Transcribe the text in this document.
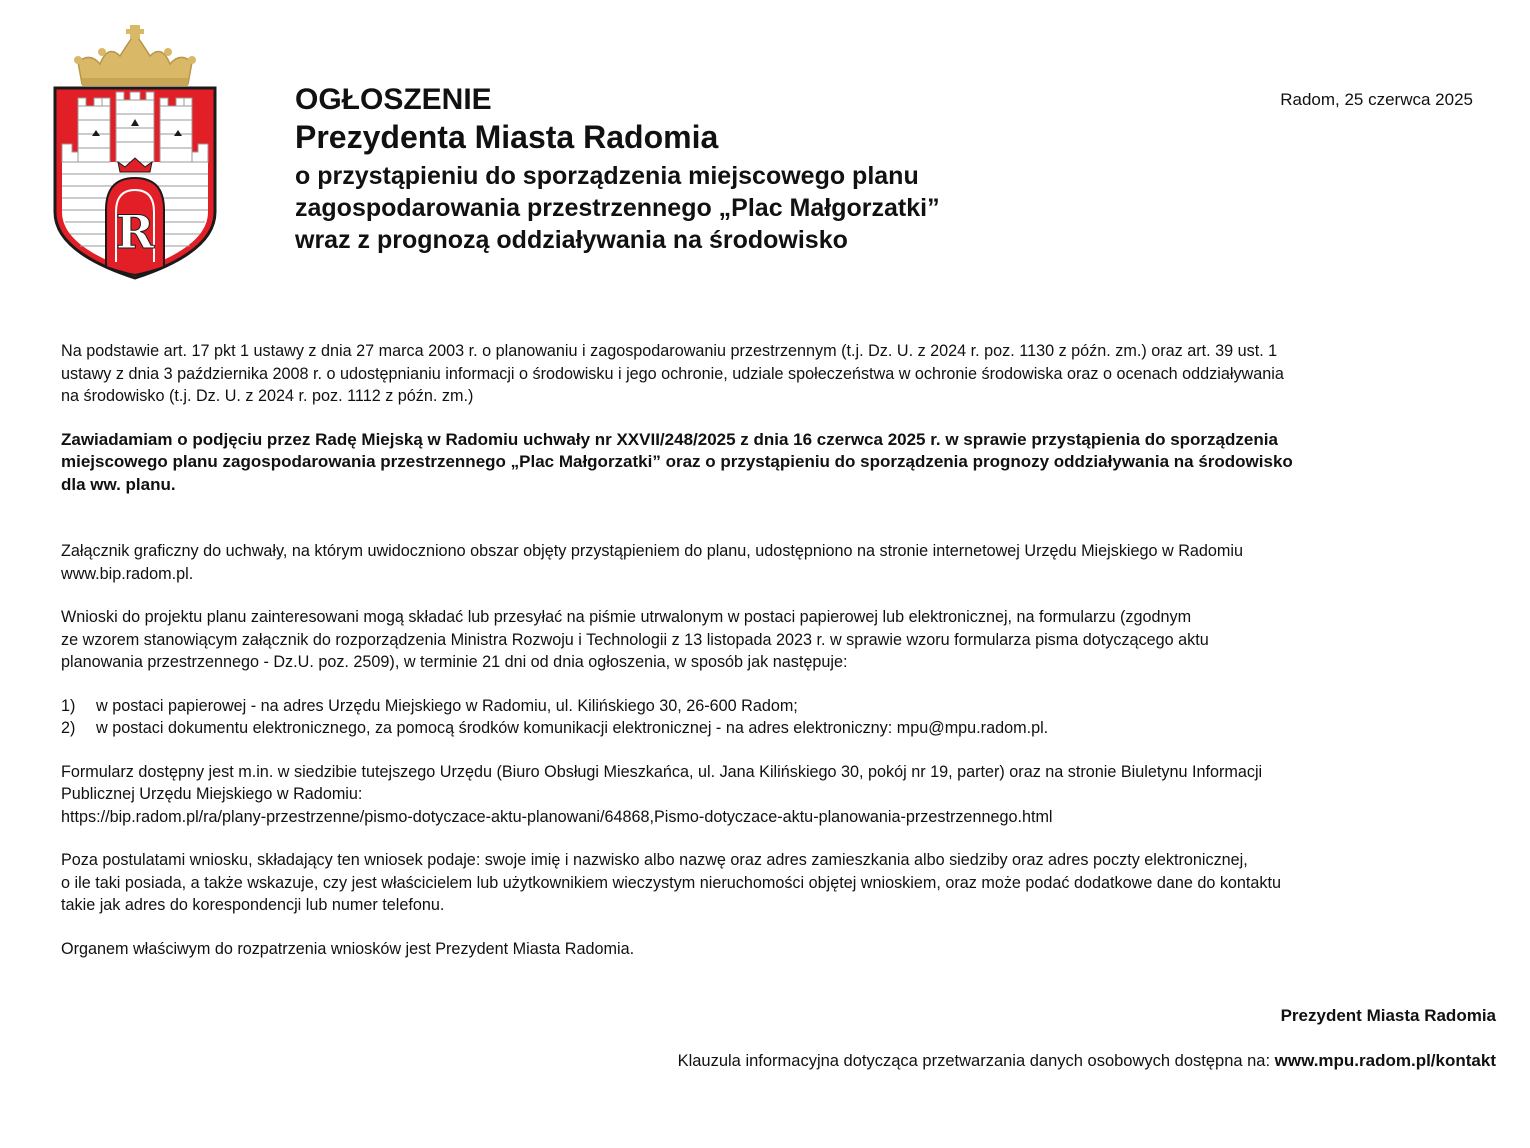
R
OGŁOSZENIE
Prezydenta Miasta Radomia
o przystąpieniu do sporządzenia miejscowego planu
zagospodarowania przestrzennego „Plac Małgorzatki”
wraz z prognozą oddziaływania na środowisko
Radom, 25 czerwca 2025

Na podstawie art. 17 pkt 1 ustawy z dnia 27 marca 2003 r. o planowaniu i zagospodarowaniu przestrzennym (t.j. Dz. U. z 2024 r. poz. 1130 z późn. zm.) oraz art. 39 ust. 1
ustawy z dnia 3 października 2008 r. o udostępnianiu informacji o środowisku i jego ochronie, udziale społeczeństwa w ochronie środowiska oraz o ocenach oddziaływania
na środowisko (t.j. Dz. U. z 2024 r. poz. 1112 z późn. zm.)

Zawiadamiam o podjęciu przez Radę Miejską w Radomiu uchwały nr XXVII/248/2025 z dnia 16 czerwca 2025 r. w sprawie przystąpienia do sporządzenia
miejscowego planu zagospodarowania przestrzennego „Plac Małgorzatki” oraz o przystąpieniu do sporządzenia prognozy oddziaływania na środowisko
dla ww. planu.

Załącznik graficzny do uchwały, na którym uwidoczniono obszar objęty przystąpieniem do planu, udostępniono na stronie internetowej Urzędu Miejskiego w Radomiu
www.bip.radom.pl.

Wnioski do projektu planu zainteresowani mogą składać lub przesyłać na piśmie utrwalonym w postaci papierowej lub elektronicznej, na formularzu (zgodnym
ze wzorem stanowiącym załącznik do rozporządzenia Ministra Rozwoju i Technologii z 13 listopada 2023 r. w sprawie wzoru formularza pisma dotyczącego aktu
planowania przestrzennego - Dz.U. poz. 2509), w terminie 21 dni od dnia ogłoszenia, w sposób jak następuje:

1)	w postaci papierowej - na adres Urzędu Miejskiego w Radomiu, ul. Kilińskiego 30, 26-600 Radom;
2)	w postaci dokumentu elektronicznego, za pomocą środków komunikacji elektronicznej - na adres elektroniczny: mpu@mpu.radom.pl.

Formularz dostępny jest m.in. w siedzibie tutejszego Urzędu (Biuro Obsługi Mieszkańca, ul. Jana Kilińskiego 30, pokój nr 19, parter) oraz na stronie Biuletynu Informacji
Publicznej Urzędu Miejskiego w Radomiu:
https://bip.radom.pl/ra/plany-przestrzenne/pismo-dotyczace-aktu-planowani/64868,Pismo-dotyczace-aktu-planowania-przestrzennego.html

Poza postulatami wniosku, składający ten wniosek podaje: swoje imię i nazwisko albo nazwę oraz adres zamieszkania albo siedziby oraz adres poczty elektronicznej,
o ile taki posiada, a także wskazuje, czy jest właścicielem lub użytkownikiem wieczystym nieruchomości objętej wnioskiem, oraz może podać dodatkowe dane do kontaktu
takie jak adres do korespondencji lub numer telefonu.

Organem właściwym do rozpatrzenia wniosków jest Prezydent Miasta Radomia.

Prezydent Miasta Radomia
Klauzula informacyjna dotycząca przetwarzania danych osobowych dostępna na: www.mpu.radom.pl/kontakt
